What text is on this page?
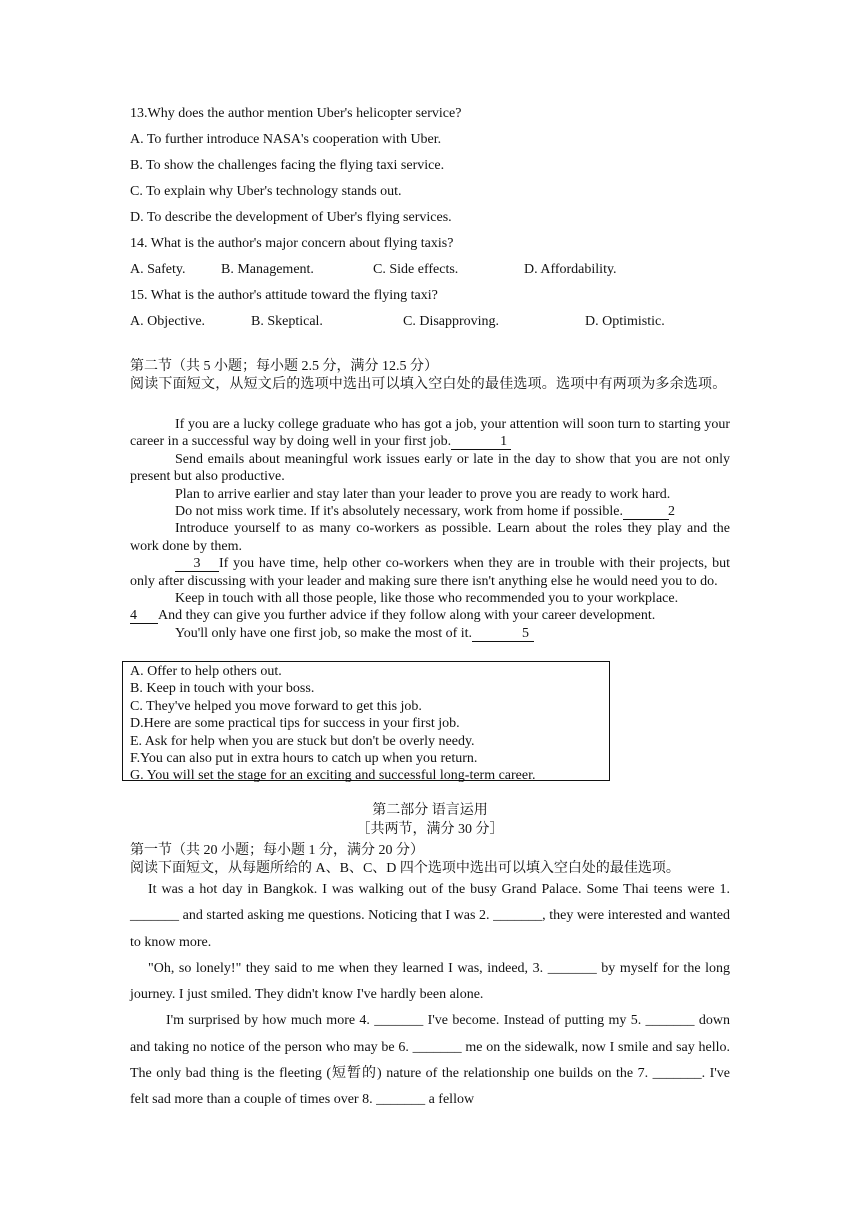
13.Why does the author mention Uber's helicopter service?
A. To further introduce NASA's cooperation with Uber.
B. To show the challenges facing the flying taxi service.
C. To explain why Uber's technology stands out.
D. To describe the development of Uber's flying services.
14. What is the author's major concern about flying taxis?
A. Safety.	B. Management.	C. Side effects.	D. Affordability.
15. What is the author's attitude toward the flying taxi?
A. Objective.	B. Skeptical.	C. Disapproving.	D. Optimistic.
第二节（共 5 小题；每小题 2.5 分，满分 12.5 分）
阅读下面短文，从短文后的选项中选出可以填入空白处的最佳选项。选项中有两项为多余选项。
If you are a lucky college graduate who has got a job, your attention will soon turn to starting your career in a successful way by doing well in your first job.	1
Send emails about meaningful work issues early or late in the day to show that you are not only present but also productive.
Plan to arrive earlier and stay later than your leader to prove you are ready to work hard.
Do not miss work time. If it's absolutely necessary, work from home if possible.	2
Introduce yourself to as many co-workers as possible. Learn about the roles they play and the work done by them.
3 If you have time, help other co-workers when they are in trouble with their projects, but only after discussing with your leader and making sure there isn't anything else he would need you to do.
Keep in touch with all those people, like those who recommended you to your workplace.
4 And they can give you further advice if they follow along with your career development.
You'll only have one first job, so make the most of it.	5
A. Offer to help others out.
B. Keep in touch with your boss.
C. They've helped you move forward to get this job.
D.Here are some practical tips for success in your first job.
E. Ask for help when you are stuck but don't be overly needy.
F.You can also put in extra hours to catch up when you return.
G. You will set the stage for an exciting and successful long-term career.
第二部分 语言运用
［共两节，满分 30 分］
第一节（共 20 小题；每小题 1 分，满分 20 分）
阅读下面短文，从每题所给的 A、B、C、D 四个选项中选出可以填入空白处的最佳选项。
It was a hot day in Bangkok. I was walking out of the busy Grand Palace. Some Thai teens were 1. _______ and started asking me questions. Noticing that I was 2. _______, they were interested and wanted to know more.
"Oh, so lonely!" they said to me when they learned I was, indeed, 3. _______ by myself for the long journey. I just smiled. They didn't know I've hardly been alone.
I'm surprised by how much more 4. _______ I've become. Instead of putting my 5. _______ down and taking no notice of the person who may be 6. _______ me on the sidewalk, now I smile and say hello. The only bad thing is the fleeting (短暂的) nature of the relationship one builds on the 7. _______. I've felt sad more than a couple of times over 8. _______ a fellow
